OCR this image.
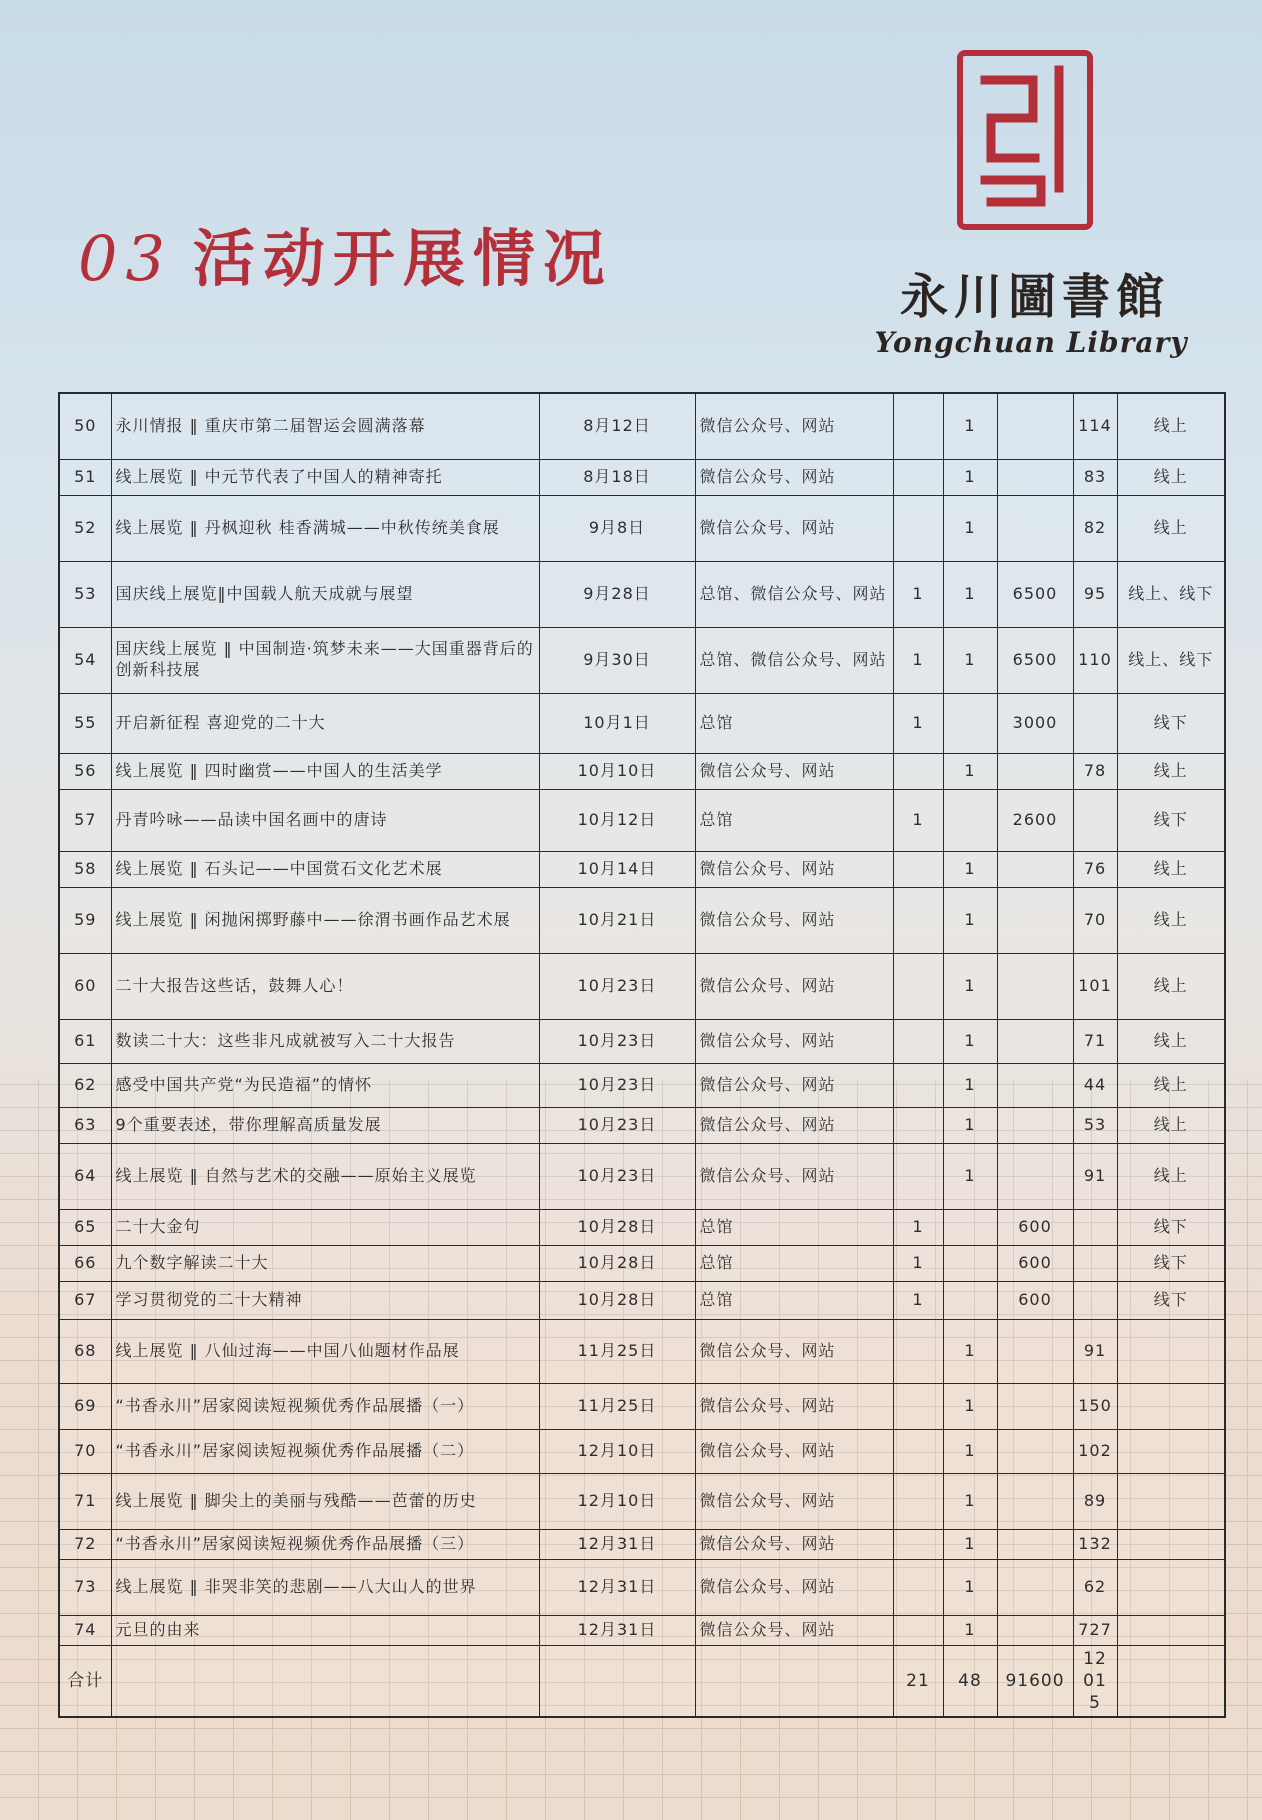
03 活动开展情况
永川圖書館
Yongchuan Library
50	永川情报 ‖ 重庆市第二届智运会圆满落幕	8月12日	微信公众号、网站		1		114	线上
51	线上展览 ‖ 中元节代表了中国人的精神寄托	8月18日	微信公众号、网站		1		83	线上
52	线上展览 ‖ 丹枫迎秋 桂香满城——中秋传统美食展	9月8日	微信公众号、网站		1		82	线上
53	国庆线上展览‖中国载人航天成就与展望	9月28日	总馆、微信公众号、网站	1	1	6500	95	线上、线下
54	国庆线上展览 ‖ 中国制造·筑梦未来——大国重器背后的创新科技展	9月30日	总馆、微信公众号、网站	1	1	6500	110	线上、线下
55	开启新征程 喜迎党的二十大	10月1日	总馆	1		3000		线下
56	线上展览 ‖ 四时幽赏——中国人的生活美学	10月10日	微信公众号、网站		1		78	线上
57	丹青吟咏——品读中国名画中的唐诗	10月12日	总馆	1		2600		线下
58	线上展览 ‖ 石头记——中国赏石文化艺术展	10月14日	微信公众号、网站		1		76	线上
59	线上展览 ‖ 闲抛闲掷野藤中——徐渭书画作品艺术展	10月21日	微信公众号、网站		1		70	线上
60	二十大报告这些话，鼓舞人心！	10月23日	微信公众号、网站		1		101	线上
61	数读二十大：这些非凡成就被写入二十大报告	10月23日	微信公众号、网站		1		71	线上
62	感受中国共产党“为民造福”的情怀	10月23日	微信公众号、网站		1		44	线上
63	9个重要表述，带你理解高质量发展	10月23日	微信公众号、网站		1		53	线上
64	线上展览 ‖ 自然与艺术的交融——原始主义展览	10月23日	微信公众号、网站		1		91	线上
65	二十大金句	10月28日	总馆	1		600		线下
66	九个数字解读二十大	10月28日	总馆	1		600		线下
67	学习贯彻党的二十大精神	10月28日	总馆	1		600		线下
68	线上展览 ‖ 八仙过海——中国八仙题材作品展	11月25日	微信公众号、网站		1		91	
69	“书香永川”居家阅读短视频优秀作品展播（一）	11月25日	微信公众号、网站		1		150	
70	“书香永川”居家阅读短视频优秀作品展播（二）	12月10日	微信公众号、网站		1		102	
71	线上展览 ‖ 脚尖上的美丽与残酷——芭蕾的历史	12月10日	微信公众号、网站		1		89	
72	“书香永川”居家阅读短视频优秀作品展播（三）	12月31日	微信公众号、网站		1		132	
73	线上展览 ‖ 非哭非笑的悲剧——八大山人的世界	12月31日	微信公众号、网站		1		62	
74	元旦的由来	12月31日	微信公众号、网站		1		727	
合计				21	48	91600	12015	
